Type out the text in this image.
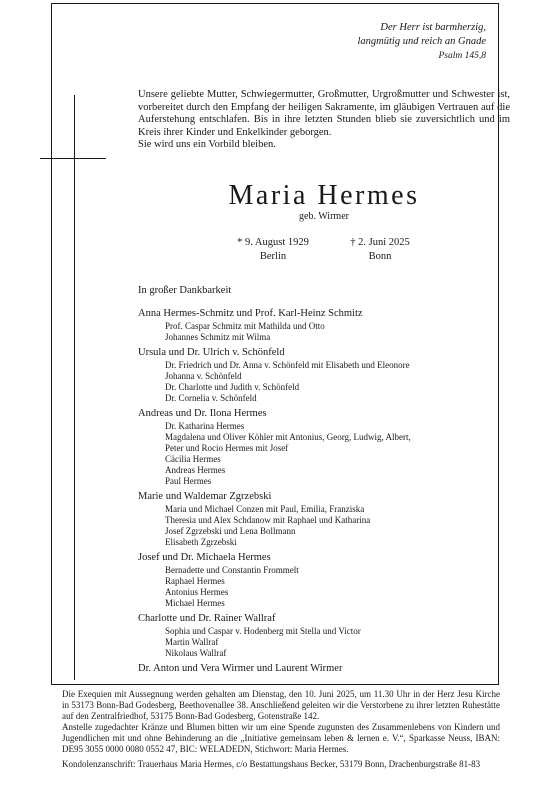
Der Herr ist barmherzig,
langmütig und reich an Gnade
Psalm 145,8

Unsere geliebte Mutter, Schwiegermutter, Großmutter, Urgroßmutter und Schwester ist, vorbereitet durch den Empfang der heiligen Sakramente, im gläubigen Vertrauen auf die Auferstehung entschlafen. Bis in ihre letzten Stunden blieb sie zuversichtlich und im Kreis ihrer Kinder und Enkelkinder geborgen.

Sie wird uns ein Vorbild bleiben.

Maria Hermes
geb. Wirmer
* 9. August 1929
Berlin
† 2. Juni 2025
Bonn
In großer Dankbarkeit
Anna Hermes-Schmitz und Prof. Karl-Heinz Schmitz
Prof. Caspar Schmitz mit Mathilda und Otto
Johannes Schmitz mit Wilma
Ursula und Dr. Ulrich v. Schönfeld
Dr. Friedrich und Dr. Anna v. Schönfeld mit Elisabeth und Eleonore
Johanna v. Schönfeld
Dr. Charlotte und Judith v. Schönfeld
Dr. Cornelia v. Schönfeld
Andreas und Dr. Ilona Hermes
Dr. Katharina Hermes
Magdalena und Oliver Köhler mit Antonius, Georg, Ludwig, Albert,
Peter und Rocio Hermes mit Josef
Cäcilia Hermes
Andreas Hermes
Paul Hermes
Marie und Waldemar Zgrzebski
Maria und Michael Conzen mit Paul, Emilia, Franziska
Theresia und Alex Schdanow mit Raphael und Katharina
Josef Zgrzebski und Lena Bollmann
Elisabeth Zgrzebski
Josef und Dr. Michaela Hermes
Bernadette und Constantin Frommelt
Raphael Hermes
Antonius Hermes
Michael Hermes
Charlotte und Dr. Rainer Wallraf
Sophia und Caspar v. Hodenberg mit Stella und Victor
Martin Wallraf
Nikolaus Wallraf
Dr. Anton und Vera Wirmer und Laurent Wirmer

Die Exequien mit Aussegnung werden gehalten am Dienstag, den 10. Juni 2025, um 11.30 Uhr in der Herz Jesu Kirche in 53173 Bonn-Bad Godesberg, Beethovenallee 38. Anschließend geleiten wir die Verstorbene zu ihrer letzten Ruhestätte auf den Zentralfriedhof, 53175 Bonn-Bad Godesberg, Gotenstraße 142.

Anstelle zugedachter Kränze und Blumen bitten wir um eine Spende zugunsten des Zusammenlebens von Kindern und Jugendlichen mit und ohne Behinderung an die „Initiative gemeinsam leben & lernen e. V.“, Sparkasse Neuss, IBAN: DE95 3055 0000 0080 0552 47, BIC: WELADEDN, Stichwort: Maria Hermes.

Kondolenzanschrift: Trauerhaus Maria Hermes, c/o Bestattungshaus Becker, 53179 Bonn, Drachenburgstraße 81-83
